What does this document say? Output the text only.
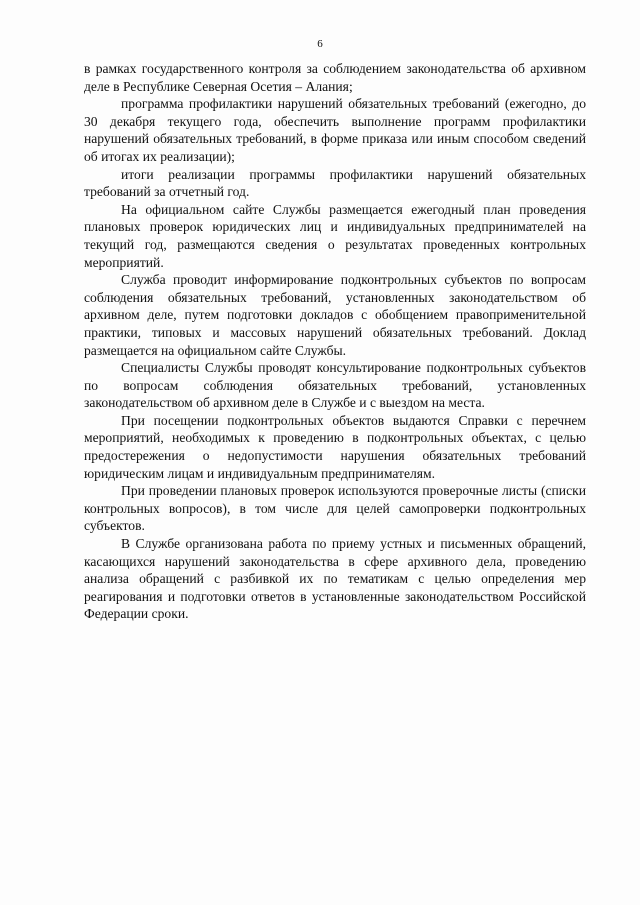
6

в рамках государственного контроля за соблюдением законодательства об архивном деле в Республике Северная Осетия – Алания;

программа профилактики нарушений обязательных требований (ежегодно, до 30 декабря текущего года, обеспечить выполнение программ профилактики нарушений обязательных требований, в форме приказа или иным способом сведений об итогах их реализации);

итоги реализации программы профилактики нарушений обязательных требований за отчетный год.

На официальном сайте Службы размещается ежегодный план проведения плановых проверок юридических лиц и индивидуальных предпринимателей на текущий год, размещаются сведения о результатах проведенных контрольных мероприятий.

Служба проводит информирование подконтрольных субъектов по вопросам соблюдения обязательных требований, установленных законодательством об архивном деле, путем подготовки докладов с обобщением правоприменительной практики, типовых и массовых нарушений обязательных требований. Доклад размещается на официальном сайте Службы.

Специалисты Службы проводят консультирование подконтрольных субъектов по вопросам соблюдения обязательных требований, установленных законодательством об архивном деле в Службе и с выездом на места.

При посещении подконтрольных объектов выдаются Справки с перечнем мероприятий, необходимых к проведению в подконтрольных объектах, с целью предостережения о недопустимости нарушения обязательных требований юридическим лицам и индивидуальным предпринимателям.

При проведении плановых проверок используются проверочные листы (списки контрольных вопросов), в том числе для целей самопроверки подконтрольных субъектов.

В Службе организована работа по приему устных и письменных обращений, касающихся нарушений законодательства в сфере архивного дела, проведению анализа обращений с разбивкой их по тематикам с целью определения мер реагирования и подготовки ответов в установленные законодательством Российской Федерации сроки.
